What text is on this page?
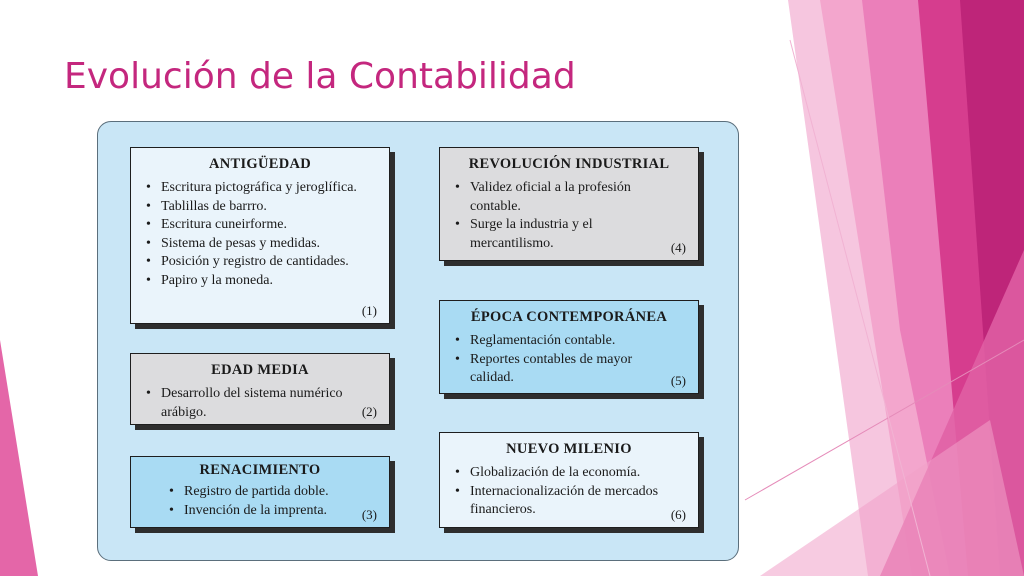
Evolución de la Contabilidad
ANTIGÜEDAD
• Escritura pictográfica y jeroglífica.
• Tablillas de barrro.
• Escritura cuneirforme.
• Sistema de pesas y medidas.
• Posición y registro de cantidades.
• Papiro y la moneda.
(1)
EDAD MEDIA
• Desarrollo del sistema numérico arábigo.	(2)
RENACIMIENTO
• Registro de partida doble.
• Invención de la imprenta.	(3)
REVOLUCIÓN INDUSTRIAL
• Validez oficial a la profesión contable.
• Surge la industria y el mercantilismo.	(4)
ÉPOCA CONTEMPORÁNEA
• Reglamentación contable.
• Reportes contables de mayor calidad.	(5)
NUEVO MILENIO
• Globalización de la economía.
• Internacionalización de mercados financieros.	(6)
